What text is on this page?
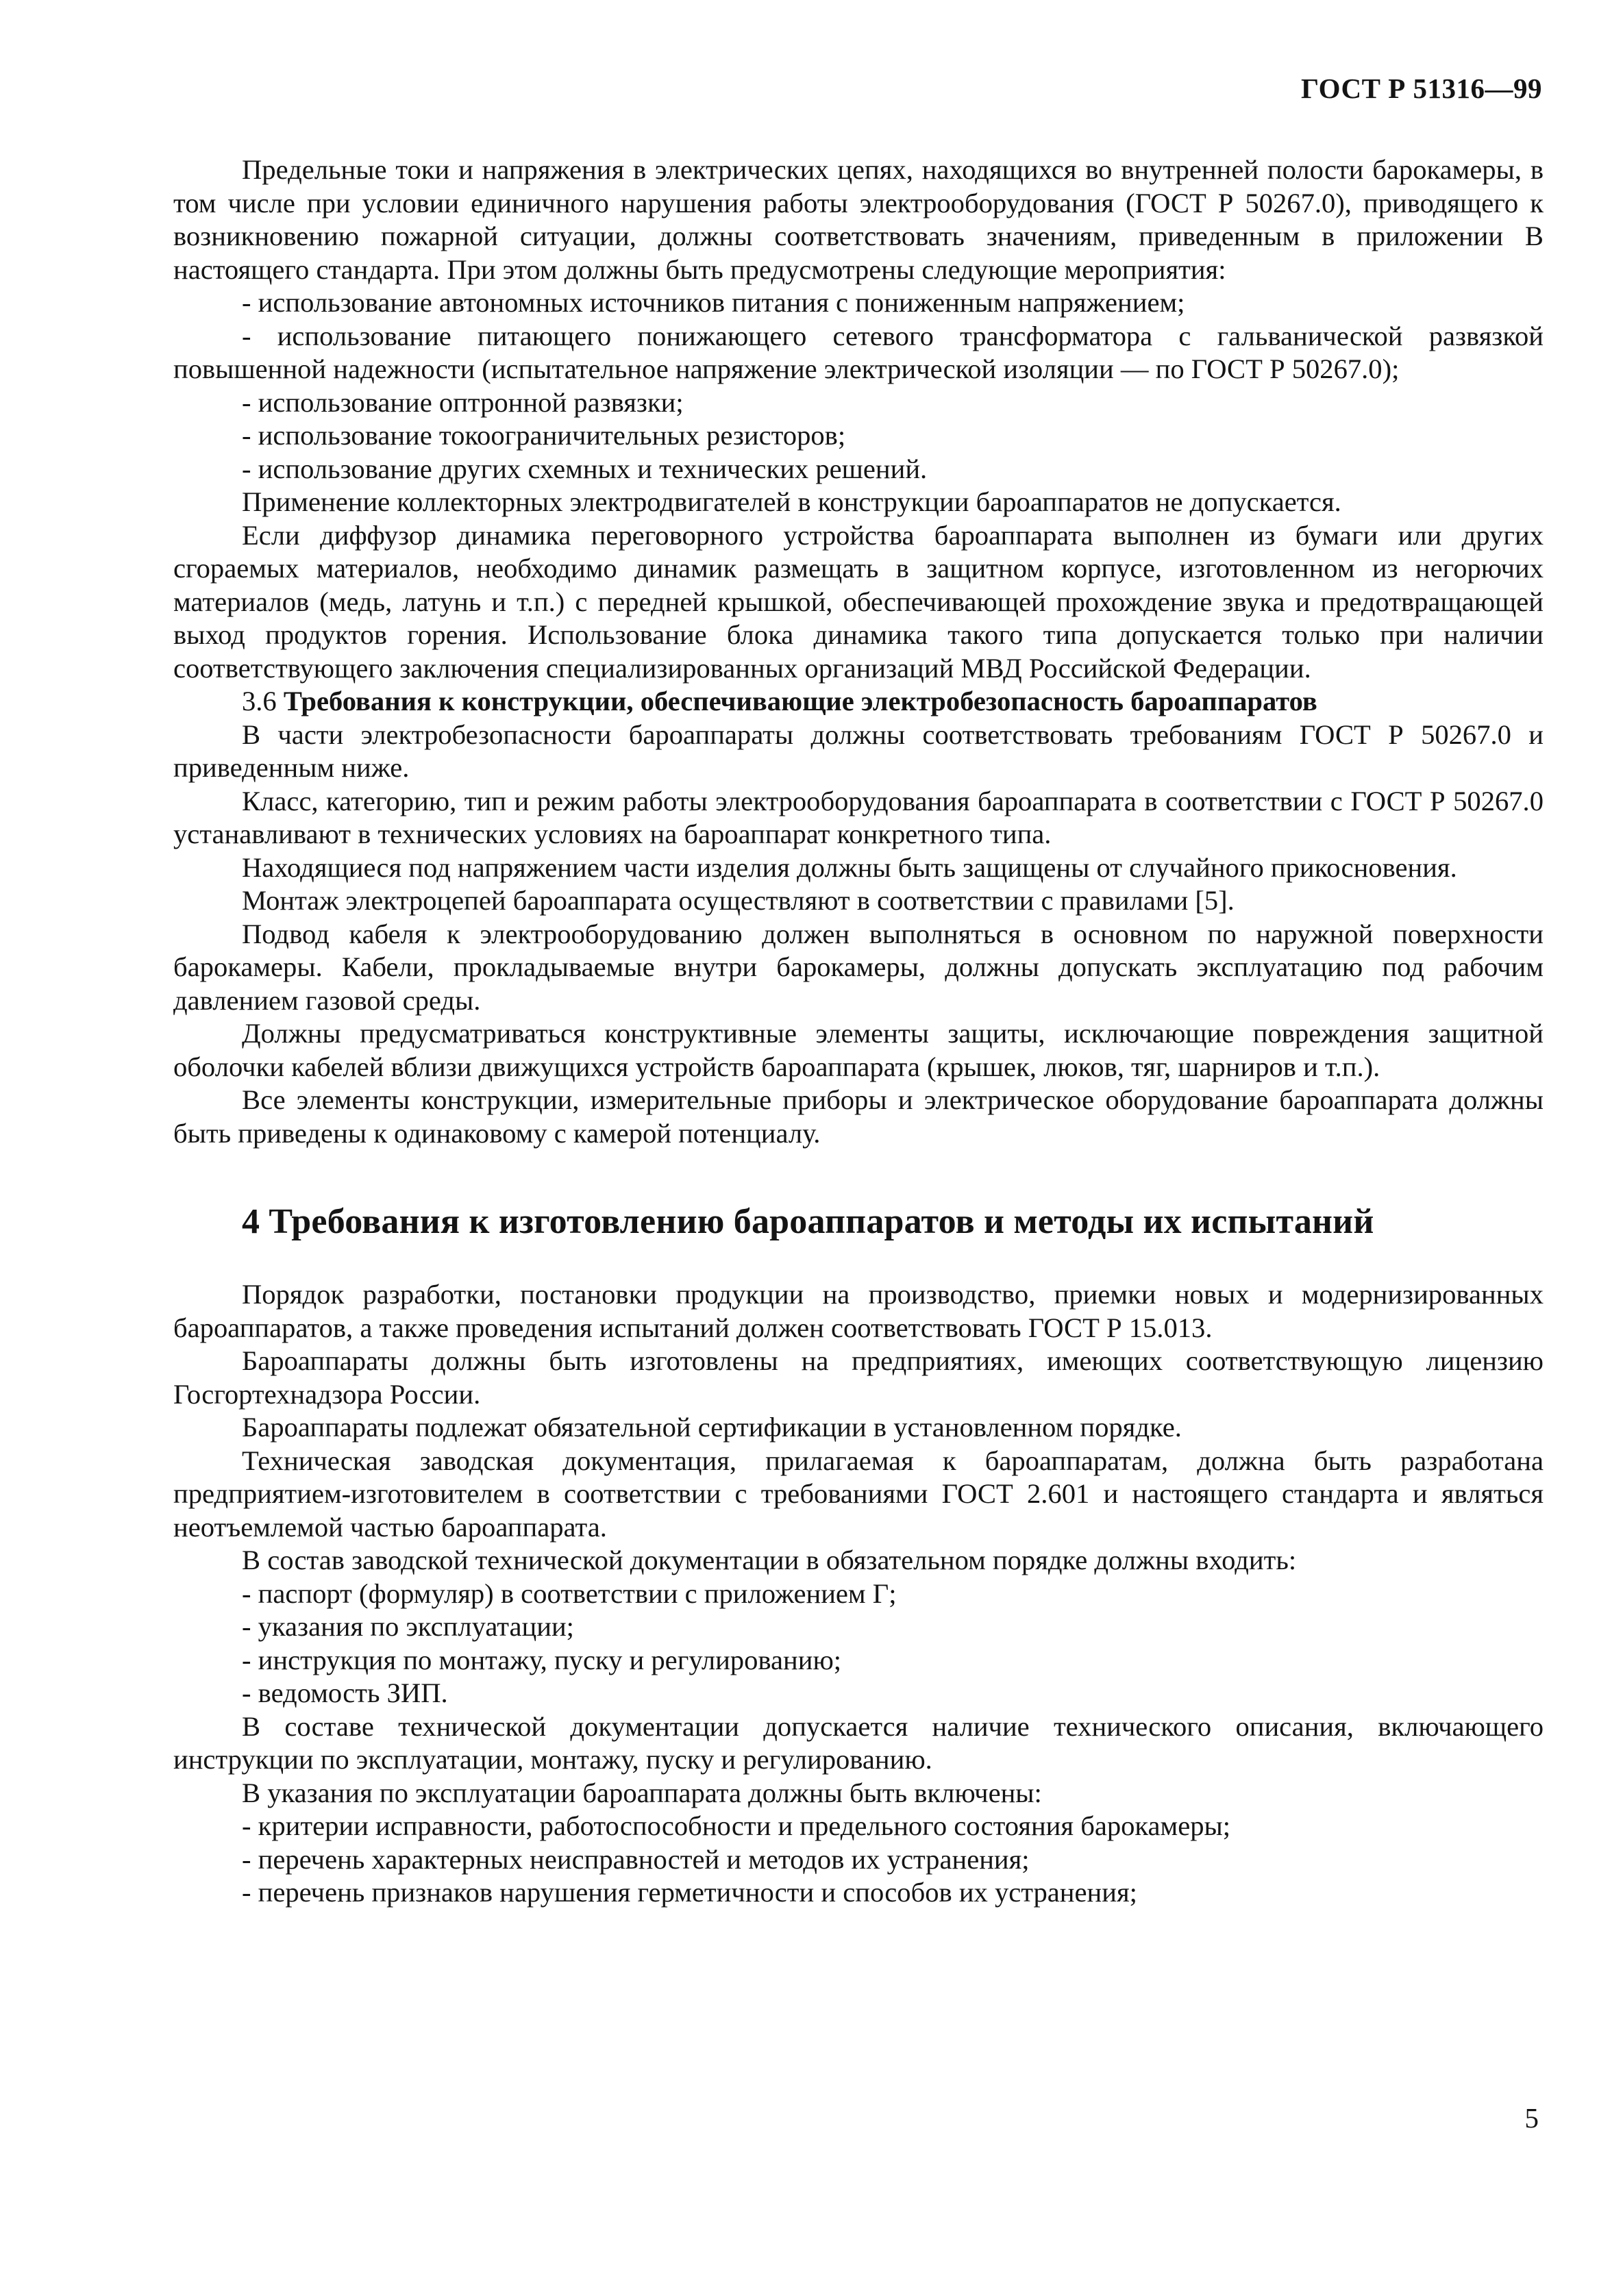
ГОСТ Р 51316—99

Предельные токи и напряжения в электрических цепях, находящихся во внутренней полости барокамеры, в том числе при условии единичного нарушения работы электрооборудования (ГОСТ Р 50267.0), приводящего к возникновению пожарной ситуации, должны соответствовать значениям, приведенным в приложении В настоящего стандарта. При этом должны быть предусмотрены следующие мероприятия:

- использование автономных источников питания с пониженным напряжением;

- использование питающего понижающего сетевого трансформатора с гальванической развязкой повышенной надежности (испытательное напряжение электрической изоляции — по ГОСТ Р 50267.0);

- использование оптронной развязки;

- использование токоограничительных резисторов;

- использование других схемных и технических решений.

Применение коллекторных электродвигателей в конструкции бароаппаратов не допускается.

Если диффузор динамика переговорного устройства бароаппарата выполнен из бумаги или других сгораемых материалов, необходимо динамик размещать в защитном корпусе, изготовленном из негорючих материалов (медь, латунь и т.п.) с передней крышкой, обеспечивающей прохождение звука и предотвращающей выход продуктов горения. Использование блока динамика такого типа допускается только при наличии соответствующего заключения специализированных организаций МВД Российской Федерации.

3.6 Требования к конструкции, обеспечивающие электробезопасность бароаппаратов

В части электробезопасности бароаппараты должны соответствовать требованиям ГОСТ Р 50267.0 и приведенным ниже.

Класс, категорию, тип и режим работы электрооборудования бароаппарата в соответствии с ГОСТ Р 50267.0 устанавливают в технических условиях на бароаппарат конкретного типа.

Находящиеся под напряжением части изделия должны быть защищены от случайного прикосновения.

Монтаж электроцепей бароаппарата осуществляют в соответствии с правилами [5].

Подвод кабеля к электрооборудованию должен выполняться в основном по наружной поверхности барокамеры. Кабели, прокладываемые внутри барокамеры, должны допускать эксплуатацию под рабочим давлением газовой среды.

Должны предусматриваться конструктивные элементы защиты, исключающие повреждения защитной оболочки кабелей вблизи движущихся устройств бароаппарата (крышек, люков, тяг, шарниров и т.п.).

Все элементы конструкции, измерительные приборы и электрическое оборудование бароаппарата должны быть приведены к одинаковому с камерой потенциалу.

4 Требования к изготовлению бароаппаратов и методы их испытаний

Порядок разработки, постановки продукции на производство, приемки новых и модернизированных бароаппаратов, а также проведения испытаний должен соответствовать ГОСТ Р 15.013.

Бароаппараты должны быть изготовлены на предприятиях, имеющих соответствующую лицензию Госгортехнадзора России.

Бароаппараты подлежат обязательной сертификации в установленном порядке.

Техническая заводская документация, прилагаемая к бароаппаратам, должна быть разработана предприятием-изготовителем в соответствии с требованиями ГОСТ 2.601 и настоящего стандарта и являться неотъемлемой частью бароаппарата.

В состав заводской технической документации в обязательном порядке должны входить:

- паспорт (формуляр) в соответствии с приложением Г;

- указания по эксплуатации;

- инструкция по монтажу, пуску и регулированию;

- ведомость ЗИП.

В составе технической документации допускается наличие технического описания, включающего инструкции по эксплуатации, монтажу, пуску и регулированию.

В указания по эксплуатации бароаппарата должны быть включены:

- критерии исправности, работоспособности и предельного состояния барокамеры;

- перечень характерных неисправностей и методов их устранения;

- перечень признаков нарушения герметичности и способов их устранения;

5
